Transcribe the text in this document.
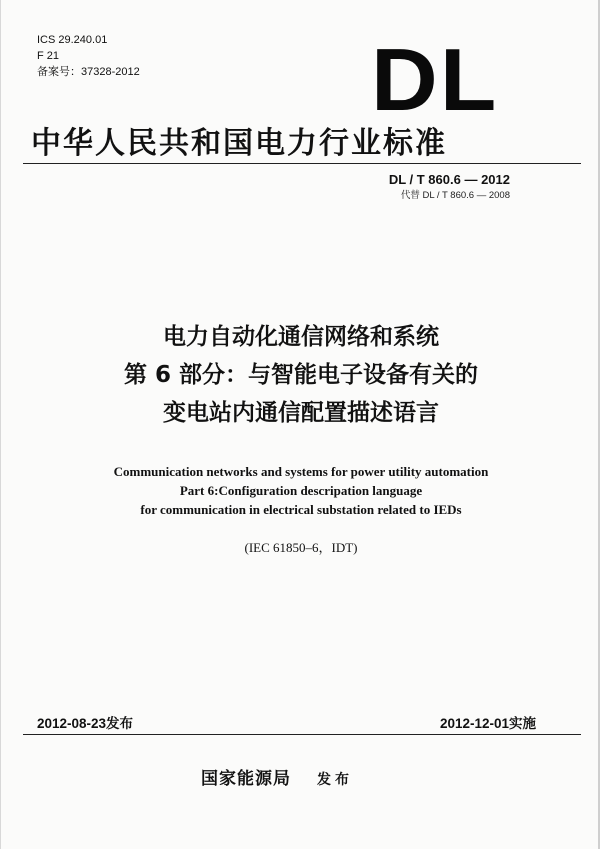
ICS 29.240.01
F 21
备案号：37328-2012	DL
中华人民共和国电力行业标准
DL / T 860.6 — 2012
代替 DL / T 860.6 — 2008
电力自动化通信网络和系统
第 6 部分：与智能电子设备有关的
变电站内通信配置描述语言
Communication networks and systems for power utility automation
Part 6:Configuration descripation language
for communication in electrical substation related to IEDs
(IEC 61850–6，IDT)
2012-08-23发布	2012-12-01实施
国家能源局 发布
